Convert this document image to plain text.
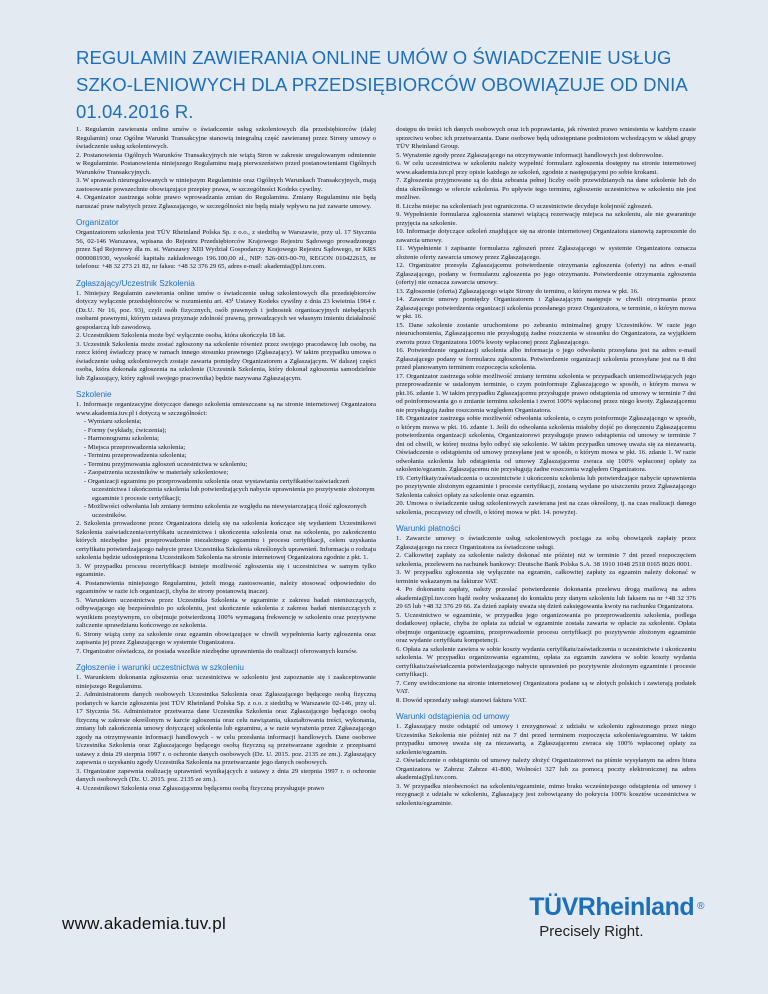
REGULAMIN ZAWIERANIA ONLINE UMÓW O ŚWIADCZENIE USŁUG SZKO-LENIOWYCH DLA PRZEDSIĘBIORCÓW OBOWIĄZUJE OD DNIA 01.04.2016 R.

1. Regulamin zawierania online umów o świadczenie usług szkoleniowych dla przedsiębiorców (dalej Regulamin) oraz Ogólne Warunki Transakcyjne stanowią integralną część zawieranej przez Strony umowy o świadczenie usług szkoleniowych.

2. Postanowienia Ogólnych Warunków Transakcyjnych nie wiążą Stron w zakresie uregulowanym odmiennie w Regulaminie. Postanowienia niniejszego Regulaminu mają pierwszeństwo przed postanowieniami Ogólnych Warunków Transakcyjnych.

3. W sprawach nieuregulowanych w niniejszym Regulaminie oraz Ogólnych Warunkach Transakcyjnych, mają zastosowanie powszechnie obowiązujące przepisy prawa, w szczególności Kodeks cywilny.

4. Organizator zastrzega sobie prawo wprowadzania zmian do Regulaminu. Zmiany Regulaminu nie będą naruszać praw nabytych przez Zgłaszającego, w szczególności nie będą miały wpływu na już zawarte umowy.

Organizator

Organizatorem szkolenia jest TÜV Rheinland Polska Sp. z o.o., z siedzibą w Warszawie, przy ul. 17 Stycznia 56, 02-146 Warszawa, wpisana do Rejestru Przedsiębiorców Krajowego Rejestru Sądowego prowadzonego przez Sąd Rejonowy dla m. st. Warszawy XIII Wydział Gospodarczy Krajowego Rejestru Sądowego, nr KRS 0000081930, wysokość kapitału zakładowego 196.100,00 zł., NIP: 526-003-00-70, REGON 010422615, nr telefonu: +48 32 273 21 82, nr faksu: +48 32 376 29 65, adres e-mail: akademia@pl.tuv.com.

Zgłaszający/Uczestnik Szkolenia

1. Niniejszy Regulamin zawierania online umów o świadczenie usług szkoleniowych dla przedsiębiorców dotyczy wyłącznie przedsiębiorców w rozumieniu art. 43¹ Ustawy Kodeks cywilny z dnia 23 kwietnia 1964 r. (Dz.U. Nr 16, poz. 93), czyli osób fizycznych, osób prawnych i jednostek organizacyjnych niebędących osobami prawnymi, którym ustawa przyznaje zdolność prawną, prowadzących we własnym imieniu działalność gospodarczą lub zawodową.

2. Uczestnikiem Szkolenia może być wyłącznie osoba, która ukończyła 18 lat.

3. Uczestnik Szkolenia może zostać zgłoszony na szkolenie również przez swojego pracodawcę lub osobę, na rzecz której świadczy pracę w ramach innego stosunku prawnego (Zgłaszający). W takim przypadku umowa o świadczenie usług szkoleniowych zostaje zawarta pomiędzy Organizatorem a Zgłaszającym. W dalszej części osoba, która dokonała zgłoszenia na szkolenie (Uczestnik Szkolenia, który dokonał zgłoszenia samodzielnie lub Zgłaszający, który zgłosił swojego pracownika) będzie nazywana Zgłaszającym.

Szkolenie

1. Informacje organizacyjne dotyczące danego szkolenia umieszczane są na stronie internetowej Organizatora www.akademia.tuv.pl i dotyczą w szczególności:

- Wymiaru szkolenia;
- Formy (wykłady, ćwiczenia);
- Harmonogramu szkolenia;
- Miejsca przeprowadzenia szkolenia;
- Terminu przeprowadzenia szkolenia;
- Terminu przyjmowania zgłoszeń uczestnictwa w szkoleniu;
- Zaopatrzenia uczestników w materiały szkoleniowe;
- Organizacji egzaminu po przeprowadzeniu szkolenia oraz wystawiania certyfikatów/zaświadczeń uczestnictwa i ukończenia szkolenia lub potwierdzających nabycie uprawnienia po pozytywnie złożonym egzaminie i procesie certyfikacji;
- Możliwości odwołania lub zmiany terminu szkolenia ze względu na niewystarczającą ilość zgłoszonych uczestników.

2. Szkolenia prowadzone przez Organizatora dzielą się na szkolenia kończące się wydaniem Uczestnikowi Szkolenia zaświadczenia/certyfikatu uczestnictwa i ukończenia szkolenia oraz na szkolenia, po zakończeniu których niezbędne jest przeprowadzenie niezależnego egzaminu i procesu certyfikacji, celem uzyskania certyfikatu potwierdzającego nabycie przez Uczestnika Szkolenia określonych uprawnień. Informacja o rodzaju szkolenia będzie udostępniona Uczestnikom Szkolenia na stronie internetowej Organizatora zgodnie z pkt. 1.

3. W przypadku procesu recertyfikacji istnieje możliwość zgłoszenia się i uczestnictwa w samym tylko egzaminie.

4. Postanowienia niniejszego Regulaminu, jeżeli mogą zastosowanie, należy stosować odpowiednio do egzaminów w razie ich organizacji, chyba że strony postanowią inaczej.

5. Warunkiem uczestnictwa przez Uczestnika Szkolenia w egzaminie z zakresu badań nieniszczących, odbywającego się bezpośrednio po szkoleniu, jest ukończenie szkolenia z zakresu badań nieniszczących z wynikiem pozytywnym, co obejmuje potwierdzoną 100% wymaganą frekwencję w szkoleniu oraz pozytywne zaliczenie sprawdzianu końcowego ze szkolenia.

6. Strony wiążą ceny za szkolenie oraz egzamin obowiązujące w chwili wypełnienia karty zgłoszenia oraz zapisania jej przez Zgłaszającego w systemie Organizatora.

7. Organizator oświadcza, że posiada wszelkie niezbędne uprawnienia do realizacji oferowanych kursów.

Zgłoszenie i warunki uczestnictwa w szkoleniu

1. Warunkiem dokonania zgłoszenia oraz uczestnictwa w szkoleniu jest zapoznanie się i zaakceptowanie niniejszego Regulaminu.

2. Administratorem danych osobowych Uczestnika Szkolenia oraz Zgłaszającego będącego osobą fizyczną podanych w karcie zgłoszenia jest TÜV Rheinland Polska Sp. z o.o. z siedzibą w Warszawie 02-146, przy ul. 17 Stycznia 56. Administrator przetwarza dane Uczestnika Szkolenia oraz Zgłaszającego będącego osobą fizyczną w zakresie określonym w karcie zgłoszenia oraz celu nawiązania, ukształtowania treści, wykonania, zmiany lub zakończenia umowy dotyczącej szkolenia lub egzaminu, a w razie wyrażenia przez Zgłaszającego zgody na otrzymywanie informacji handlowych - w celu przesłania informacji handlowych. Dane osobowe Uczestnika Szkolenia oraz Zgłaszającego będącego osobą fizyczną są przetwarzane zgodnie z przepisami ustawy z dnia 29 sierpnia 1997 r. o ochronie danych osobowych (Dz. U. 2015. poz. 2135 ze zm.). Zgłaszający zapewnia o uzyskaniu zgody Uczestnika Szkolenia na przetwarzanie jego danych osobowych.

3. Organizator zapewnia realizację uprawnień wynikających z ustawy z dnia 29 sierpnia 1997 r. o ochronie danych osobowych (Dz. U. 2015. poz. 2135 ze zm.).

4. Uczestnikowi Szkolenia oraz Zgłaszającemu będącemu osobą fizyczną przysługuje prawo

dostępu do treści ich danych osobowych oraz ich poprawiania, jak również prawo wniesienia w każdym czasie sprzeciwu wobec ich przetwarzania. Dane osobowe będą udostępniane podmiotom wchodzącym w skład grupy TÜV Rheinland Group.

5. Wyrażenie zgody przez Zgłaszającego na otrzymywanie informacji handlowych jest dobrowolne.

6. W celu uczestnictwa w szkoleniu należy wypełnić formularz zgłoszenia dostępny na stronie internetowej www.akademia.tuv.pl przy opisie każdego ze szkoleń, zgodnie z następującymi po sobie krokami.

7. Zgłoszenia przyjmowane są do dnia zebrania pełnej liczby osób przewidzianych na dane szkolenie lub do dnia określonego w ofercie szkolenia. Po upływie tego terminu, zgłoszenie uczestnictwa w szkoleniu nie jest możliwe.

8. Liczba miejsc na szkoleniach jest ograniczona. O uczestnictwie decyduje kolejność zgłoszeń.

9. Wypełnienie formularza zgłoszenia stanowi wiążącą rezerwację miejsca na szkoleniu, ale nie gwarantuje przyjęcia na szkolenie.

10. Informacje dotyczące szkoleń znajdujące się na stronie internetowej Organizatora stanowią zaproszenie do zawarcia umowy.

11. Wypełnienie i zapisanie formularza zgłoszeń przez Zgłaszającego w systemie Organizatora oznacza złożenie oferty zawarcia umowy przez Zgłaszającego.

12. Organizator przesyła Zgłaszającemu potwierdzenie otrzymania zgłoszenia (oferty) na adres e-mail Zgłaszającego, podany w formularzu zgłoszenia po jego otrzymaniu. Potwierdzenie otrzymania zgłoszenia (oferty) nie oznacza zawarcia umowy.

13. Zgłoszenie (oferta) Zgłaszającego wiąże Strony do terminu, o którym mowa w pkt. 16.

14. Zawarcie umowy pomiędzy Organizatorem i Zgłaszającym następuje w chwili otrzymania przez Zgłaszającego potwierdzenia organizacji szkolenia przesłanego przez Organizatora, w terminie, o którym mowa w pkt. 16.

15. Dane szkolenie zostanie uruchomione po zebraniu minimalnej grupy Uczestników. W razie jego nieuruchomienia, Zgłaszającemu nie przysługują żadne roszczenia w stosunku do Organizatora, za wyjątkiem zwrotu przez Organizatora 100% kwoty wpłaconej przez Zgłaszającego.

16. Potwierdzenie organizacji szkolenia albo informacja o jego odwołaniu przesyłana jest na adres e-mail Zgłaszającego podany w formularzu zgłoszenia. Potwierdzenie organizacji szkolenia przesyłane jest na 8 dni przed planowanym terminem rozpoczęcia szkolenia.

17. Organizator zastrzega sobie możliwość zmiany terminu szkolenia w przypadkach uniemożliwiających jego przeprowadzenie w ustalonym terminie, o czym poinformuje Zgłaszającego w sposób, o którym mowa w pkt.16. zdanie 1. W takim przypadku Zgłaszającemu przysługuje prawo odstąpienia od umowy w terminie 7 dni od poinformowania go o zmianie terminu szkolenia i zwrot 100% wpłaconej przez niego kwoty. Zgłaszającemu nie przysługują żadne roszczenia względem Organizatora.

18. Organizator zastrzega sobie możliwość odwołania szkolenia, o czym poinformuje Zgłaszającego w sposób, o którym mowa w pkt. 16. zdanie 1. Jeśli do odwołania szkolenia miałoby dojść po doręczeniu Zgłaszającemu potwierdzenia organizacji szkolenia, Organizatorowi przysługuje prawo odstąpienia od umowy w terminie 7 dni od chwili, w której można było odbyć się szkolenie. W takim przypadku umowę uważa się za niezawartą. Oświadczenie o odstąpieniu od umowy przesyłane jest w sposób, o którym mowa w pkt. 16. zdanie 1. W razie odwołania szkolenia lub odstąpienia od umowy Zgłaszającemu zwraca się 100% wpłaconej opłaty za szkolenie/egzamin. Zgłaszającemu nie przysługują żadne roszczenia względem Organizatora.

19. Certyfikaty/zaświadczenia o uczestnictwie i ukończeniu szkolenia lub potwierdzające nabycie uprawnienia po pozytywnie złożonym egzaminie i procesie certyfikacji, zostaną wydane po uiszczeniu przez Zgłaszającego Szkolenia całości opłaty za szkolenie oraz egzamin.

20. Umowa o świadczenie usług szkoleniowych zawierana jest na czas określony, tj. na czas realizacji danego szkolenia, począwszy od chwili, o której mowa w pkt. 14. powyżej.

Warunki płatności

1. Zawarcie umowy o świadczenie usług szkoleniowych pociąga za sobą obowiązek zapłaty przez Zgłaszającego na rzecz Organizatora za świadczone usługi.

2. Całkowitej zapłaty za szkolenie należy dokonać nie później niż w terminie 7 dni przed rozpoczęciem szkolenia, przelewem na rachunek bankowy: Deutsche Bank Polska S.A. 38 1910 1048 2518 0165 8026 0001.

3. W przypadku zgłoszenia się wyłącznie na egzamin, całkowitej zapłaty za egzamin należy dokonać w terminie wskazanym na fakturze VAT.

4. Po dokonaniu zapłaty, należy przesłać potwierdzenie dokonania przelewu drogą mailową na adres akademia@pl.tuv.com bądź osoby wskazanej do kontaktu przy danym szkoleniu lub faksem na nr +48 32 376 29 65 lub +48 32 376 29 66. Za dzień zapłaty uważa się dzień zaksięgowania kwoty na rachunku Organizatora.

5. Uczestnictwo w egzaminie, w przypadku jego organizowania po przeprowadzeniu szkolenia, podlega dodatkowej opłacie, chyba że opłata za udział w egzaminie została zawarta w opłacie za szkolenie. Opłata obejmuje organizację egzaminu, przeprowadzenie procesu certyfikacji po pozytywnie złożonym egzaminie oraz wydanie certyfikatu kompetencji.

6. Opłata za szkolenie zawiera w sobie koszty wydania certyfikatu/zaświadczenia o uczestnictwie i ukończeniu szkolenia. W przypadku organizowania egzaminu, opłata za egzamin zawiera w sobie koszty wydania certyfikatu/zaświadczenia potwierdzającego nabycie uprawnień po pozytywnie złożonym egzaminie i procesie certyfikacji.

7. Ceny uwidocznione na stronie internetowej Organizatora podane są w złotych polskich i zawierają podatek VAT.

8. Dowód sprzedaży usługi stanowi faktura VAT.

Warunki odstąpienia od umowy

1. Zgłaszający może odstąpić od umowy i zrezygnować z udziału w szkoleniu zgłoszonego przez niego Uczestnika Szkolenia nie później niż na 7 dni przed terminem rozpoczęcia szkolenia/egzaminu. W takim przypadku umowę uważa się za niezawartą, a Zgłaszającemu zwraca się 100% wpłaconej opłaty za szkolenie/egzamin.

2. Oświadczenie o odstąpieniu od umowy należy złożyć Organizatorowi na piśmie wysyłanym na adres biura Organizatora w Zabrzu: Zabrze 41-800, Wolności 327 lub za pomocą poczty elektronicznej na adres akademia@pl.tuv.com.

3. W przypadku nieobecności na szkoleniu/egzaminie, mimo braku wcześniejszego odstąpienia od umowy i rezygnacji z udziału w szkoleniu, Zgłaszający jest zobowiązany do pokrycia 100% kosztów uczestnictwa w szkoleniu/egzaminie.

www.akademia.tuv.pl
TÜVRheinland ®
Precisely Right.
